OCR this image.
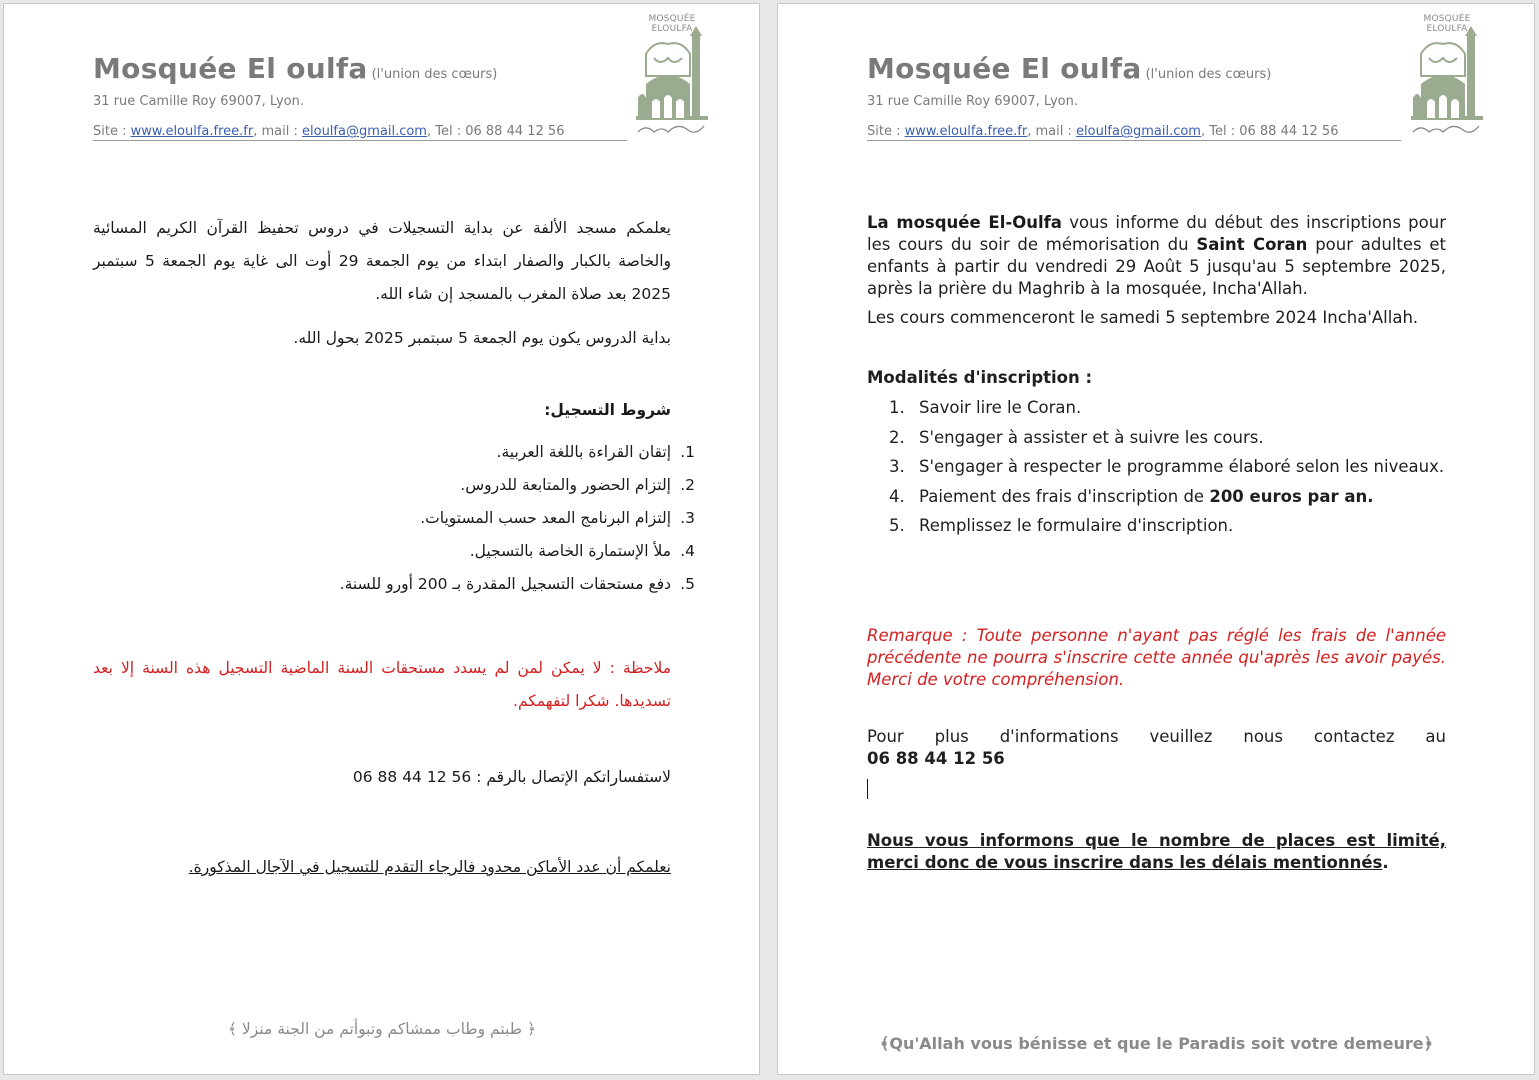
Mosquée El oulfa (l'union des cœurs)
31 rue Camille Roy 69007, Lyon.
Site : www.eloulfa.free.fr, mail : eloulfa@gmail.com, Tel : 06 88 44 12 56
MOSQUÉE ELOULFA
يعلمكم مسجد الألفة عن بداية التسجيلات في دروس تحفيظ القرآن الكريم المسائية والخاصة بالكبار والصفار ابتداء من يوم الجمعة 29 أوت الى غاية يوم الجمعة 5 سبتمبر 2025 بعد صلاة المغرب بالمسجد إن شاء الله.
بداية الدروس يكون يوم الجمعة 5 سبتمبر 2025 بحول الله.
شروط التسجيل:
1.
إتقان القراءة باللغة العربية.
2.
إلتزام الحضور والمتابعة للدروس.
3.
إلتزام البرنامج المعد حسب المستويات.
4.
ملأ الإستمارة الخاصة بالتسجيل.
5.
دفع مستحقات التسجيل المقدرة بـ 200 أورو للسنة.
ملاحظة : لا يمكن لمن لم يسدد مستحقات السنة الماضية التسجيل هذه السنة إلا بعد تسديدها. شكرا لتفهمكم.
لاستفساراتكم الإتصال بالرقم : 56 12 44 88 06
نعلمكم أن عدد الأماكن محدود فالرجاء التقدم للتسجيل في الآجال المذكورة.
﴿ طبتم وطاب ممشاكم وتبوأتم من الجنة منزلا ﴾
Mosquée El oulfa (l'union des cœurs)
31 rue Camille Roy 69007, Lyon.
Site : www.eloulfa.free.fr, mail : eloulfa@gmail.com, Tel : 06 88 44 12 56
MOSQUÉE ELOULFA
La mosquée El-Oulfa vous informe du début des inscriptions pour les cours du soir de mémorisation du Saint Coran pour adultes et enfants à partir du vendredi 29 Août 5 jusqu'au 5 septembre 2025, après la prière du Maghrib à la mosquée, Incha'Allah.
Les cours commenceront le samedi 5 septembre 2024 Incha'Allah.
Modalités d'inscription :
1. Savoir lire le Coran.
2. S'engager à assister et à suivre les cours.
3. S'engager à respecter le programme élaboré selon les niveaux.
4. Paiement des frais d'inscription de 200 euros par an.
5. Remplissez le formulaire d'inscription.
Remarque : Toute personne n'ayant pas réglé les frais de l'année précédente ne pourra s'inscrire cette année qu'après les avoir payés. Merci de votre compréhension.
Pour plus d'informations veuillez nous contactez au
06 88 44 12 56
Nous vous informons que le nombre de places est limité, merci donc de vous inscrire dans les délais mentionnés.
﴾Qu'Allah vous bénisse et que le Paradis soit votre demeure﴿
